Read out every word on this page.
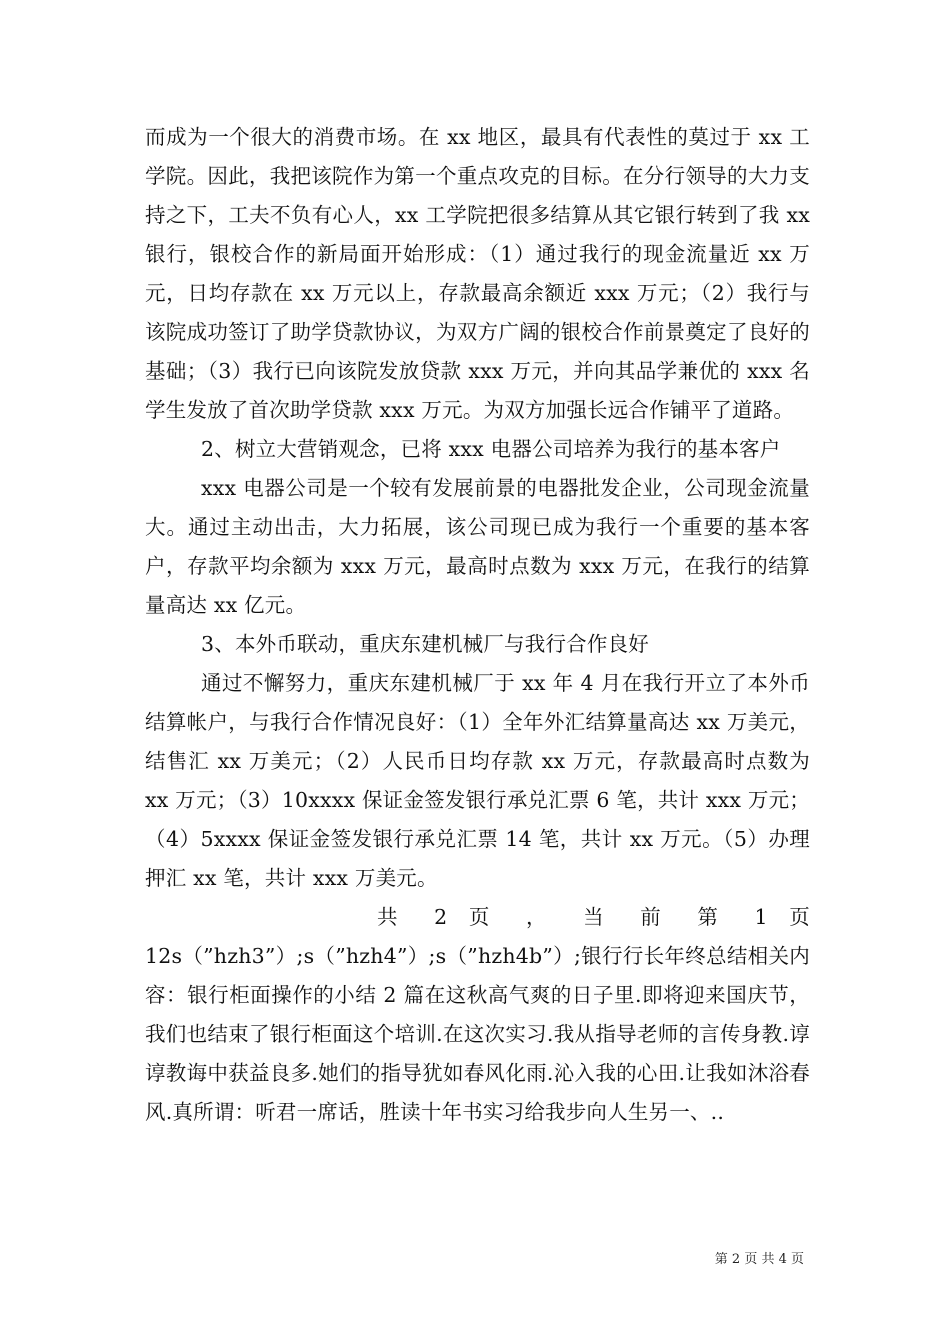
而成为一个很大的消费市场。在 xx 地区，最具有代表性的莫过于 xx 工学院。因此，我把该院作为第一个重点攻克的目标。在分行领导的大力支持之下，工夫不负有心人，xx 工学院把很多结算从其它银行转到了我 xx 银行，银校合作的新局面开始形成：（1）通过我行的现金流量近 xx 万元，日均存款在 xx 万元以上，存款最高余额近 xxx 万元；（2）我行与该院成功签订了助学贷款协议，为双方广阔的银校合作前景奠定了良好的基础；（3）我行已向该院发放贷款 xxx 万元，并向其品学兼优的 xxx 名学生发放了首次助学贷款 xxx 万元。为双方加强长远合作铺平了道路。

2、树立大营销观念，已将 xxx 电器公司培养为我行的基本客户

xxx 电器公司是一个较有发展前景的电器批发企业，公司现金流量大。通过主动出击，大力拓展，该公司现已成为我行一个重要的基本客户，存款平均余额为 xxx 万元，最高时点数为 xxx 万元，在我行的结算量高达 xx 亿元。

3、本外币联动，重庆东建机械厂与我行合作良好

通过不懈努力，重庆东建机械厂于 xx 年 4 月在我行开立了本外币结算帐户，与我行合作情况良好：（1）全年外汇结算量高达 xx 万美元，结售汇 xx 万美元；（2）人民币日均存款 xx 万元，存款最高时点数为 xx 万元；（3）10xxxx 保证金签发银行承兑汇票 6 笔，共计 xxx 万元；（4）5xxxx 保证金签发银行承兑汇票 14 笔，共计 xx 万元。（5）办理押汇 xx 笔，共计 xxx 万美元。

共 2 页 ， 当 前 第 1 页

12s（”hzh3”）;s（”hzh4”）;s（”hzh4b”）;银行行长年终总结相关内容：银行柜面操作的小结 2 篇在这秋高气爽的日子里.即将迎来国庆节，我们也结束了银行柜面这个培训.在这次实习.我从指导老师的言传身教.谆谆教诲中获益良多.她们的指导犹如春风化雨.沁入我的心田.让我如沐浴春风.真所谓：听君一席话，胜读十年书实习给我步向人生另一、..

第 2 页 共 4 页
